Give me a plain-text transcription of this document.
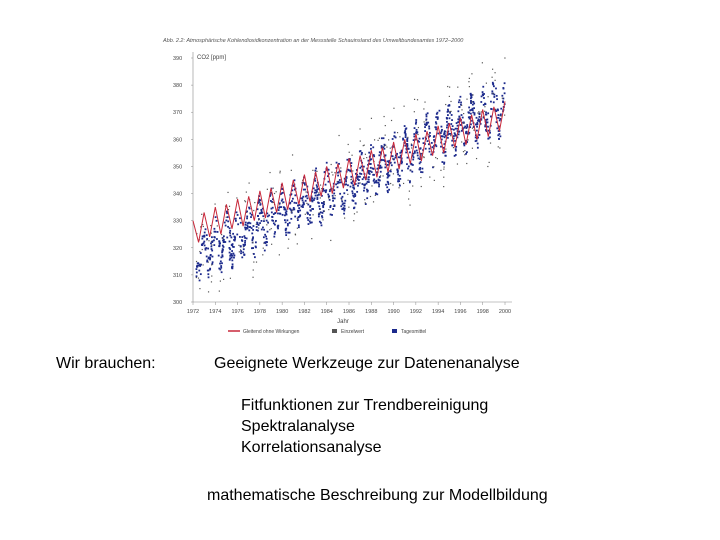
Abb. 2.2: Atmosphärische Kohlendioxidkonzentration an der Messstelle Schauinsland des Umweltbundesamtes 1972–2000
CO2 [ppm]
300
310
320
330
340
350
360
370
380
390
1972 1974 1976 1978 1980 1982 1984 1986 1988 1990 1992 1994 1996 1998 2000
Jahr
Gleitend ohne Wirkungen	Einzelwert	Tagesmittel
Wir brauchen:	Geeignete Werkzeuge zur Datenenanalyse
Fitfunktionen zur Trendbereinigung
Spektralanalyse
Korrelationsanalyse
mathematische Beschreibung zur Modellbildung
